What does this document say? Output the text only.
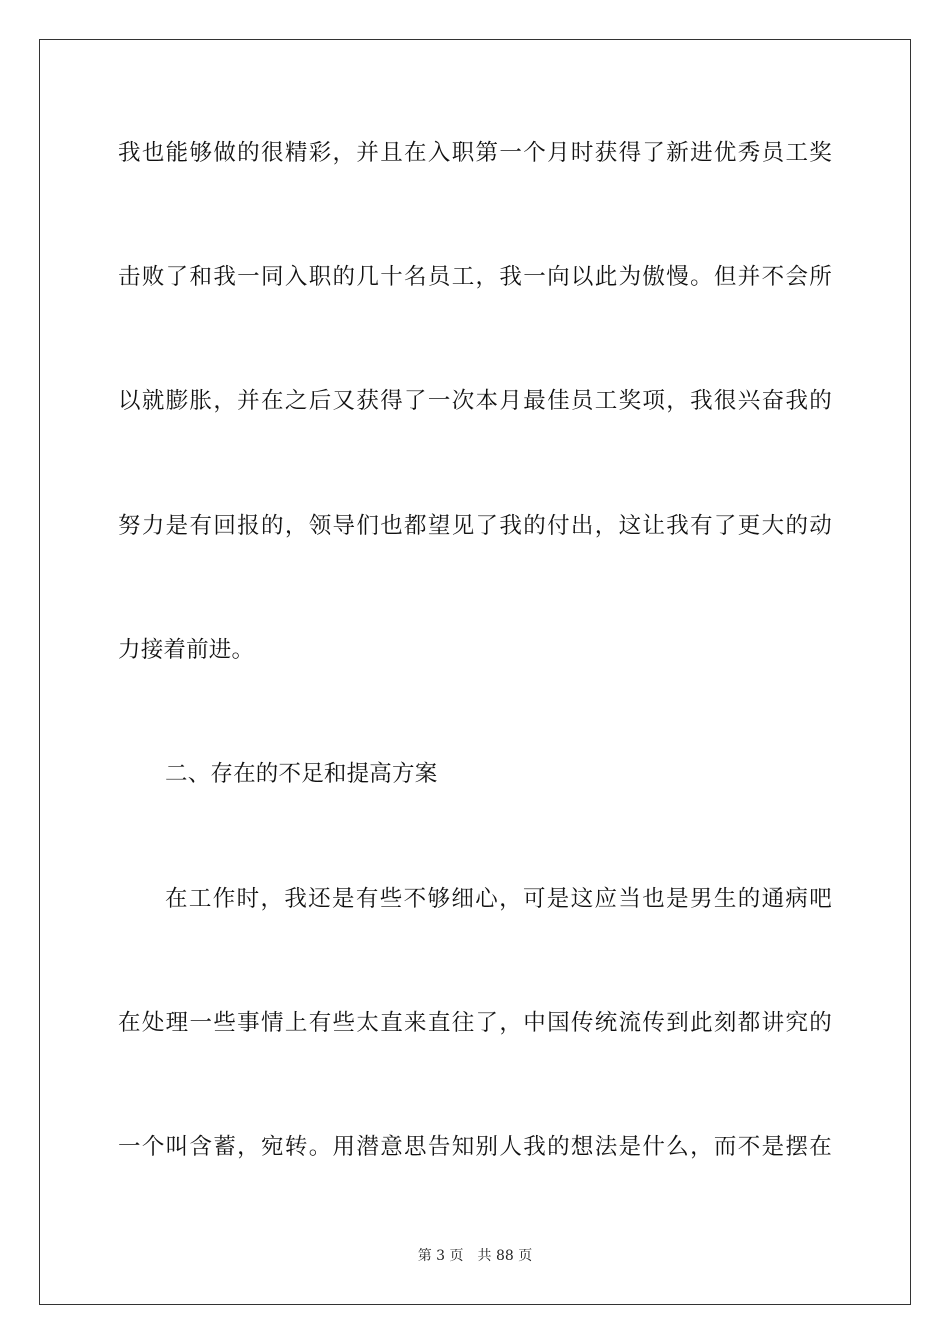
我也能够做的很精彩，并且在入职第一个月时获得了新进优秀员工奖
击败了和我一同入职的几十名员工，我一向以此为傲慢。但并不会所
以就膨胀，并在之后又获得了一次本月最佳员工奖项，我很兴奋我的
努力是有回报的，领导们也都望见了我的付出，这让我有了更大的动
力接着前进。
二、存在的不足和提高方案
在工作时，我还是有些不够细心，可是这应当也是男生的通病吧
在处理一些事情上有些太直来直往了，中国传统流传到此刻都讲究的
一个叫含蓄，宛转。用潜意思告知别人我的想法是什么，而不是摆在
第 3 页 共 88 页
